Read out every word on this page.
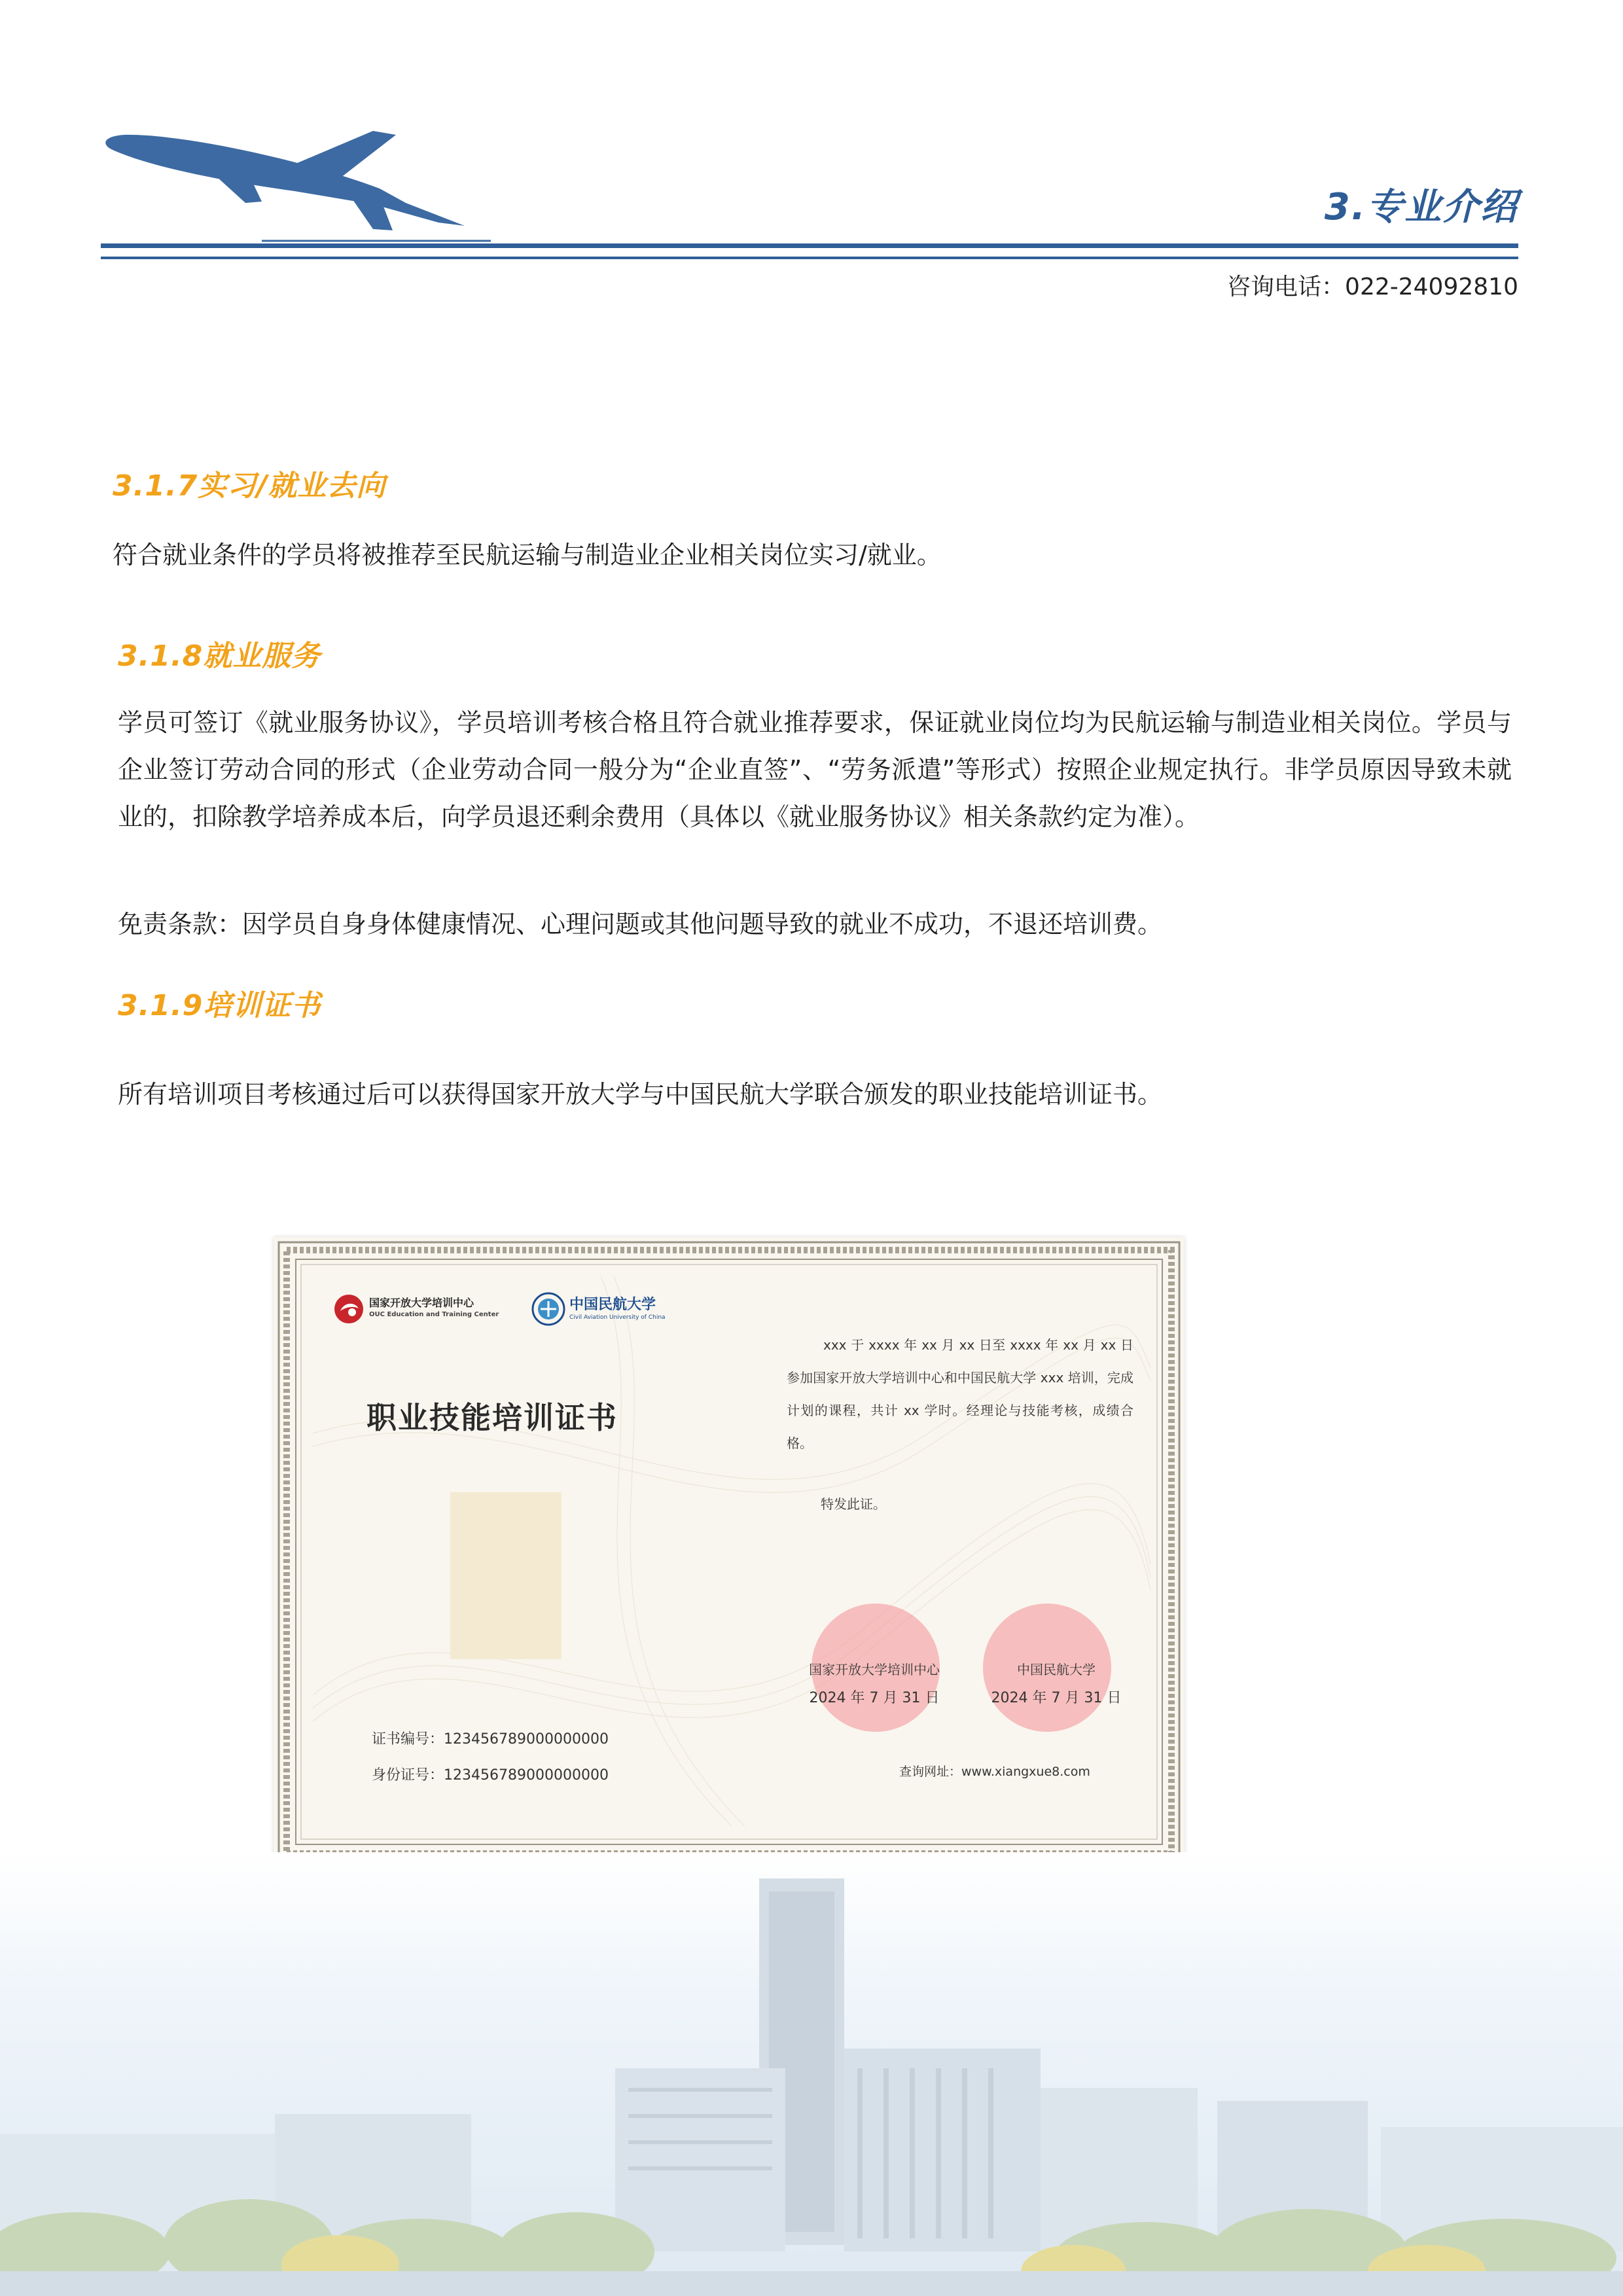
3.专业介绍
咨询电话：022-24092810
3.1.7实习/就业去向
符合就业条件的学员将被推荐至民航运输与制造业企业相关岗位实习/就业。
3.1.8就业服务
学员可签订《就业服务协议》，学员培训考核合格且符合就业推荐要求，保证就业岗位均为民航运输与制造业相关岗位。学员与企业签订劳动合同的形式（企业劳动合同一般分为“企业直签”、“劳务派遣”等形式）按照企业规定执行。非学员原因导致未就业的，扣除教学培养成本后，向学员退还剩余费用（具体以《就业服务协议》相关条款约定为准）。
免责条款：因学员自身身体健康情况、心理问题或其他问题导致的就业不成功，不退还培训费。
3.1.9培训证书
所有培训项目考核通过后可以获得国家开放大学与中国民航大学联合颁发的职业技能培训证书。
国家开放大学培训中心
OUC Education and Training Center
中国民航大学
Civil Aviation University of China
职业技能培训证书
xxx 于 xxxx 年 xx 月 xx 日至 xxxx 年 xx 月 xx 日参加国家开放大学培训中心和中国民航大学 xxx 培训，完成计划的课程，共计 xx 学时。经理论与技能考核，成绩合格。
特发此证。
国家开放大学培训中心
2024 年 7 月 31 日
中国民航大学
2024 年 7 月 31 日
证书编号：123456789000000000
身份证号：123456789000000000	查询网址：www.xiangxue8.com
